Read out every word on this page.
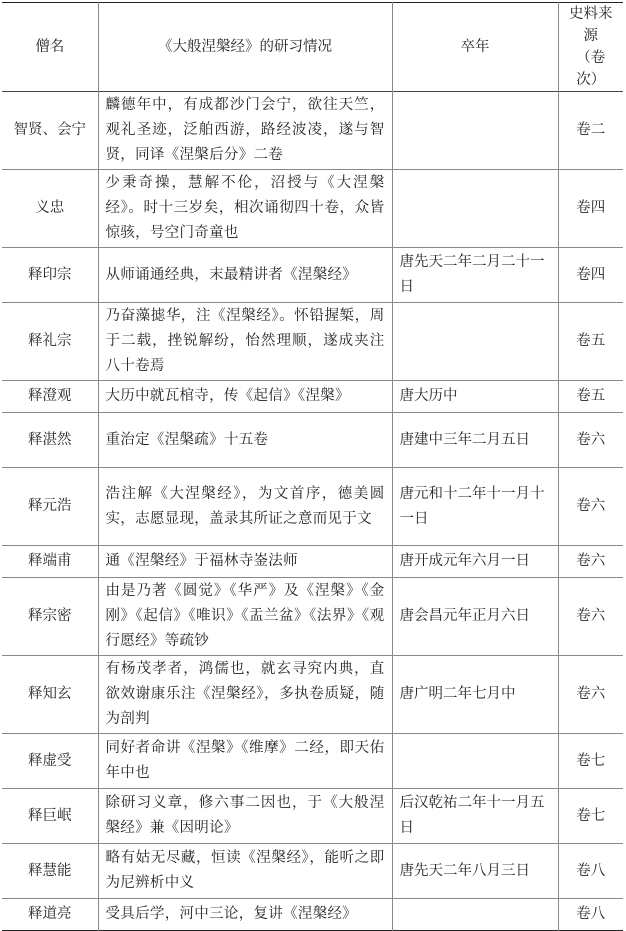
僧名	《大般涅槃经》的研习情况	卒年	史料来源
（卷次）

智贤、会宁	麟德年中，有成都沙门会宁，欲往天竺，观礼圣迹，泛舶西游，路经波凌，遂与智贤，同译《涅槃后分》二卷		卷二
义忠	少秉奇操，慧解不伦，沼授与《大涅槃经》。时十三岁矣，相次诵彻四十卷，众皆惊骇，号空门奇童也		卷四
释印宗	从师诵通经典，末最精讲者《涅槃经》	唐先天二年二月二十一日	卷四
释礼宗	乃奋藻摅华，注《涅槃经》。怀铅握椠，周于二载，挫锐解纷，怡然理顺，遂成夹注八十卷焉		卷五
释澄观	大历中就瓦棺寺，传《起信》《涅槃》	唐大历中	卷五
释湛然	重治定《涅槃疏》十五卷	唐建中三年二月五日	卷六
释元浩	浩注解《大涅槃经》，为文首序，德美圆实，志愿显现，盖录其所证之意而见于文	唐元和十二年十一月十一日	卷六
释端甫	通《涅槃经》于福林寺崟法师	唐开成元年六月一日	卷六
释宗密	由是乃著《圆觉》《华严》及《涅槃》《金刚》《起信》《唯识》《盂兰盆》《法界》《观行愿经》等疏钞	唐会昌元年正月六日	卷六
释知玄	有杨茂孝者，鸿儒也，就玄寻究内典，直欲效谢康乐注《涅槃经》，多执卷质疑，随为剖判	唐广明二年七月中	卷六
释虚受	同好者命讲《涅槃》《维摩》二经，即天佑年中也		卷七
释巨岷	除研习义章，修六事二因也，于《大般涅槃经》兼《因明论》	后汉乾祐二年十一月五日	卷七
释慧能	略有姑无尽藏，恒读《涅槃经》，能听之即为尼辨析中义	唐先天二年八月三日	卷八
释道亮	受具后学，河中三论，复讲《涅槃经》		卷八
